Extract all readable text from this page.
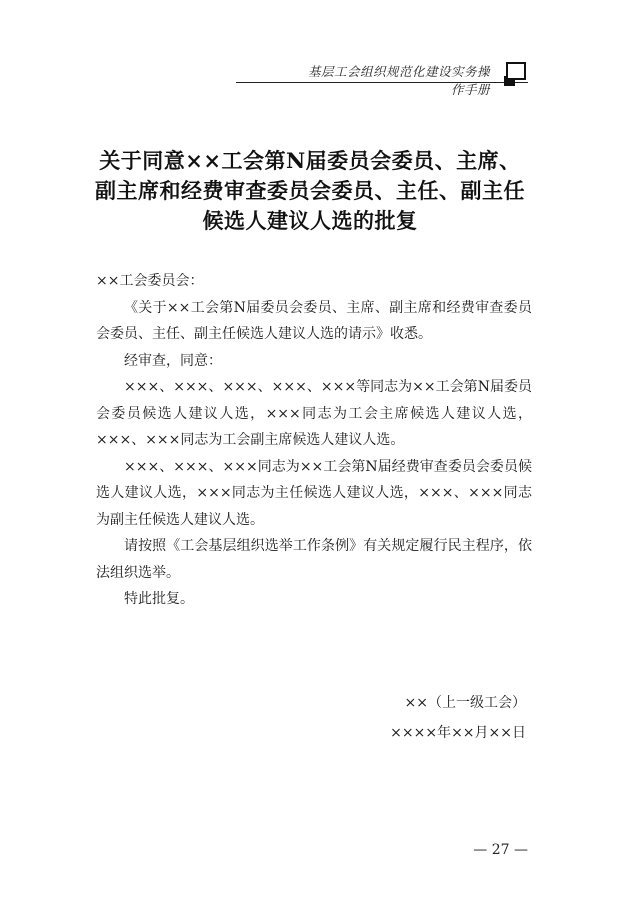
基层工会组织规范化建设实务操作手册
关于同意××工会第N届委员会委员、主席、
副主席和经费审查委员会委员、主任、副主任
候选人建议人选的批复

××工会委员会：

《关于××工会第N届委员会委员、主席、副主席和经费审查委员会委员、主任、副主任候选人建议人选的请示》收悉。

经审查，同意：

×××、×××、×××、×××、×××等同志为××工会第N届委员会委员候选人建议人选，×××同志为工会主席候选人建议人选，×××、×××同志为工会副主席候选人建议人选。

×××、×××、×××同志为××工会第N届经费审查委员会委员候选人建议人选，×××同志为主任候选人建议人选，×××、×××同志为副主任候选人建议人选。

请按照《工会基层组织选举工作条例》有关规定履行民主程序，依法组织选举。

特此批复。

××（上一级工会）
××××年××月××日
— 27 —
